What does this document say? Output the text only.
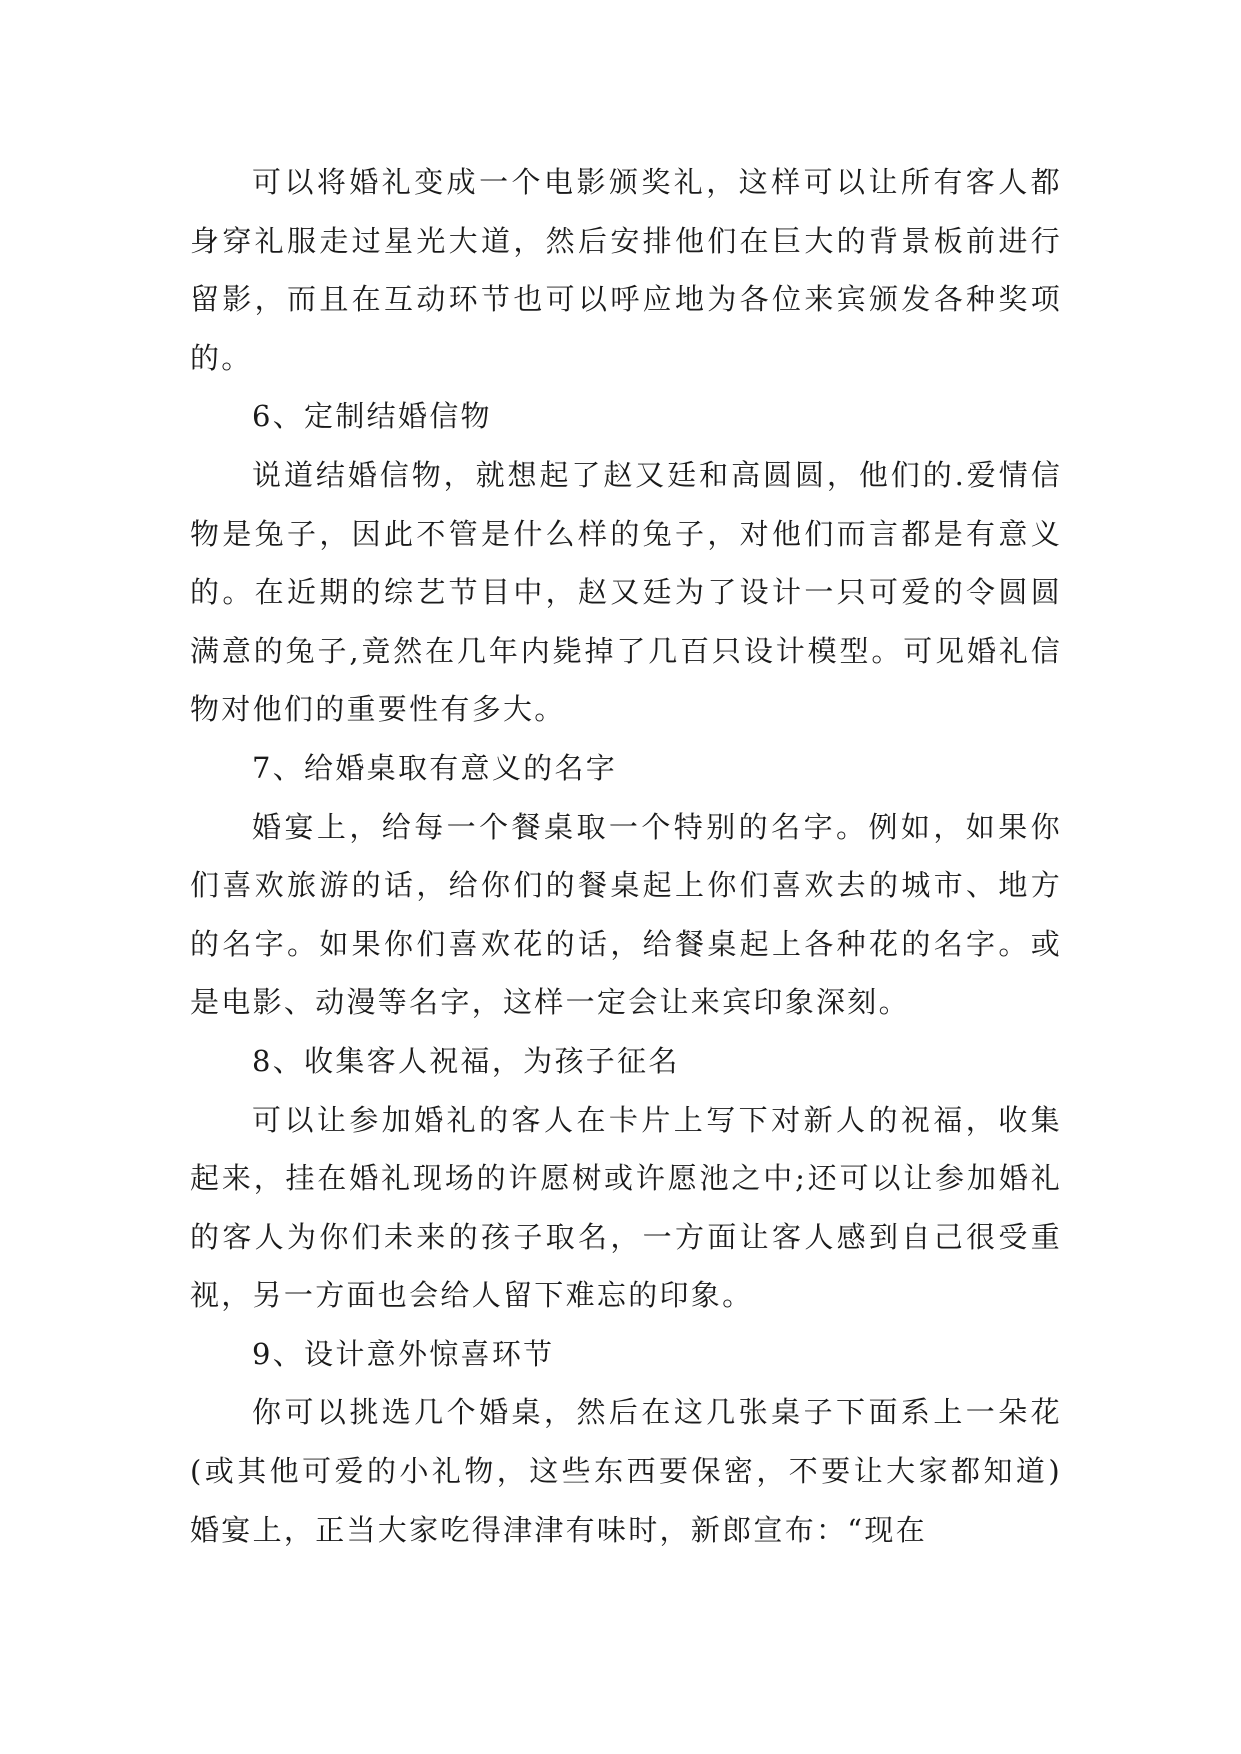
可以将婚礼变成一个电影颁奖礼，这样可以让所有客人都身穿礼服走过星光大道，然后安排他们在巨大的背景板前进行留影，而且在互动环节也可以呼应地为各位来宾颁发各种奖项的。

6、定制结婚信物

说道结婚信物，就想起了赵又廷和高圆圆，他们的.爱情信物是兔子，因此不管是什么样的兔子，对他们而言都是有意义的。在近期的综艺节目中，赵又廷为了设计一只可爱的令圆圆满意的兔子,竟然在几年内毙掉了几百只设计模型。可见婚礼信物对他们的重要性有多大。

7、给婚桌取有意义的名字

婚宴上，给每一个餐桌取一个特别的名字。例如，如果你们喜欢旅游的话，给你们的餐桌起上你们喜欢去的城市、地方的名字。如果你们喜欢花的话，给餐桌起上各种花的名字。或是电影、动漫等名字，这样一定会让来宾印象深刻。

8、收集客人祝福，为孩子征名

可以让参加婚礼的客人在卡片上写下对新人的祝福，收集起来，挂在婚礼现场的许愿树或许愿池之中;还可以让参加婚礼的客人为你们未来的孩子取名，一方面让客人感到自己很受重视，另一方面也会给人留下难忘的印象。

9、设计意外惊喜环节

你可以挑选几个婚桌，然后在这几张桌子下面系上一朵花(或其他可爱的小礼物，这些东西要保密，不要让大家都知道)婚宴上，正当大家吃得津津有味时，新郎宣布：“现在
